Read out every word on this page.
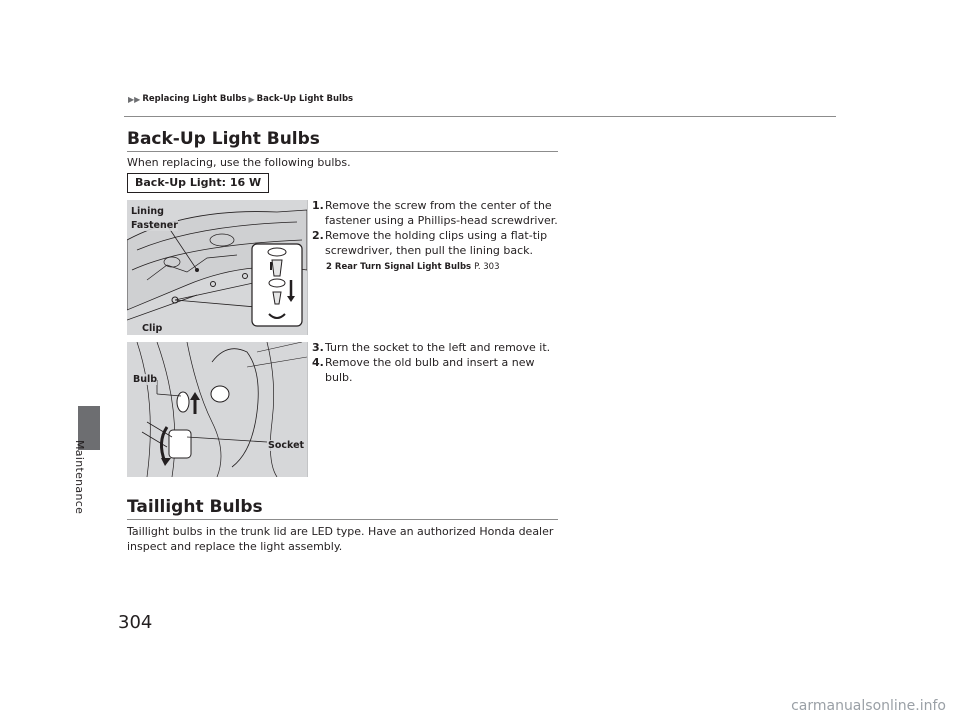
Maintenance
▶▶ Replacing Light Bulbs ▶ Back-Up Light Bulbs
Back-Up Light Bulbs
When replacing, use the following bulbs.
Back-Up Light: 16 W
Lining
Fastener
Clip
1. Remove the screw from the center of the fastener using a Phillips-head screwdriver.
2. Remove the holding clips using a flat-tip screwdriver, then pull the lining back.
2 Rear Turn Signal Light Bulbs P. 303
Bulb
Socket
3. Turn the socket to the left and remove it.
4. Remove the old bulb and insert a new bulb.
Taillight Bulbs
Taillight bulbs in the trunk lid are LED type. Have an authorized Honda dealer inspect and replace the light assembly.
304
carmanualsonline.info
